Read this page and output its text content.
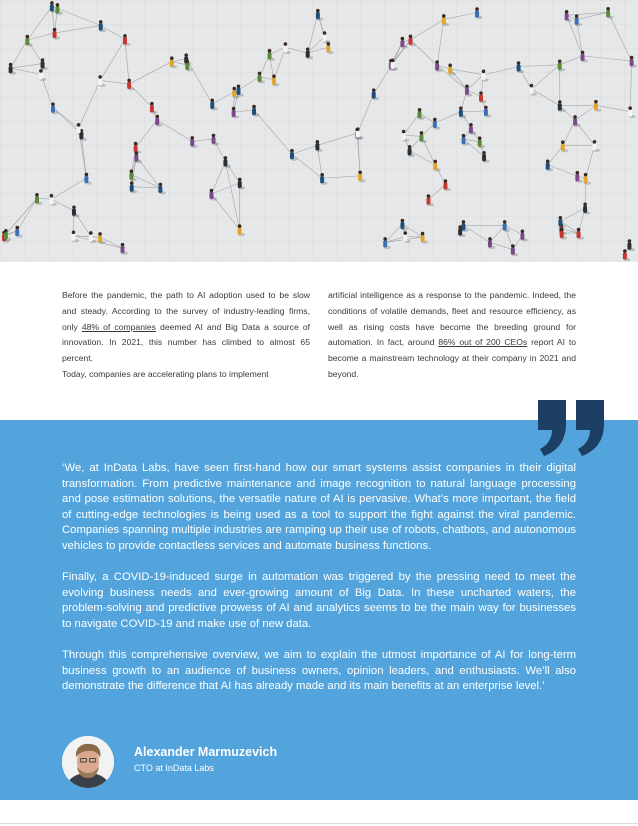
Before the pandemic, the path to AI adoption used to be slow and steady. According to the survey of industry-leading firms, only 48% of companies deemed AI and Big Data a source of innovation. In 2021, this number has climbed to almost 65 percent.

Today, companies are accelerating plans to implement

artificial intelligence as a response to the pandemic. Indeed, the conditions of volatile demands, fleet and resource efficiency, as well as rising costs have become the breeding ground for automation. In fact, around 86% out of 200 CEOs report AI to become a mainstream technology at their company in 2021 and beyond.

‘We, at InData Labs, have seen first-hand how our smart systems assist companies in their digital transformation. From predictive maintenance and image recognition to natural language processing and pose estimation solutions, the versatile nature of AI is pervasive. What’s more important, the field of cutting-edge technologies is being used as a tool to support the fight against the viral pandemic. Companies spanning multiple industries are ramping up their use of robots, chatbots, and autonomous vehicles to provide contactless services and automate business functions.

Finally, a COVID-19-induced surge in automation was triggered by the pressing need to meet the evolving business needs and ever-growing amount of Big Data. In these uncharted waters, the problem-solving and predictive prowess of AI and analytics seems to be the main way for businesses to navigate COVID-19 and make use of new data.

Through this comprehensive overview, we aim to explain the utmost importance of AI for long-term business growth to an audience of business owners, opinion leaders, and enthusiasts. We’ll also demonstrate the difference that AI has already made and its main benefits at an enterprise level.’

Alexander Marmuzevich
CTO at InData Labs
